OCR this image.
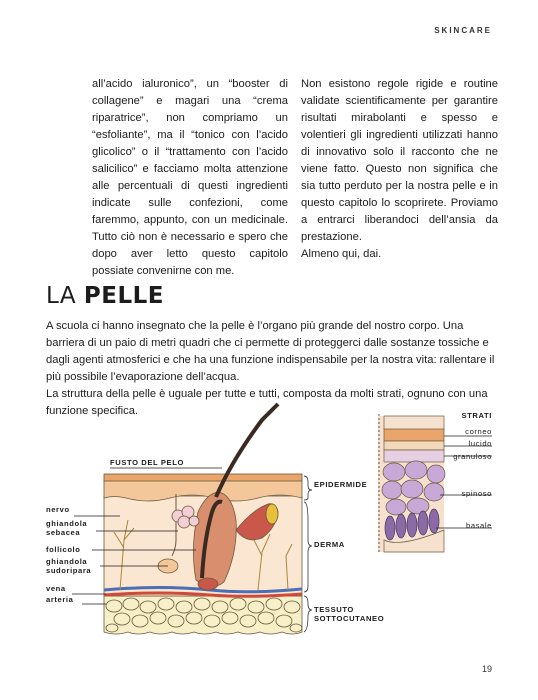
SKINCARE

all’acido ialuronico”, un “booster di collagene” e magari una “crema riparatrice”, non compriamo un “esfoliante”, ma il “tonico con l’acido glicolico” o il “trattamento con l’acido salicilico” e facciamo molta attenzione alle percentuali di questi ingredienti indicate sulle confezioni, come faremmo, appunto, con un medicinale. Tutto ciò non è necessario e spero che dopo aver letto questo capitolo possiate convenirne con me.

Non esistono regole rigide e routine validate scientificamente per garantire risultati mirabolanti e spesso e volentieri gli ingredienti utilizzati hanno di innovativo solo il racconto che ne viene fatto. Questo non significa che sia tutto perduto per la nostra pelle e in questo capitolo lo scoprirete. Proviamo a entrarci liberandoci dell’ansia da prestazione.

Almeno qui, dai.

LA PELLE

A scuola ci hanno insegnato che la pelle è l’organo più grande del nostro corpo. Una barriera di un paio di metri quadri che ci permette di proteggerci dalle sostanze tossiche e dagli agenti atmosferici e che ha una funzione indispensabile per la nostra vita: rallentare il più possibile l’evaporazione dell’acqua.

La struttura della pelle è uguale per tutte e tutti, composta da molti strati, ognuno con una funzione specifica.

FUSTO DEL PELO
nervo
ghiandola
sebacea
follicolo
ghiandola
sudoripara
vena
arteria
EPIDERMIDE
DERMA
TESSUTO
SOTTOCUTANEO
STRATI
corneo
lucido
granuloso
spinoso
basale
19
